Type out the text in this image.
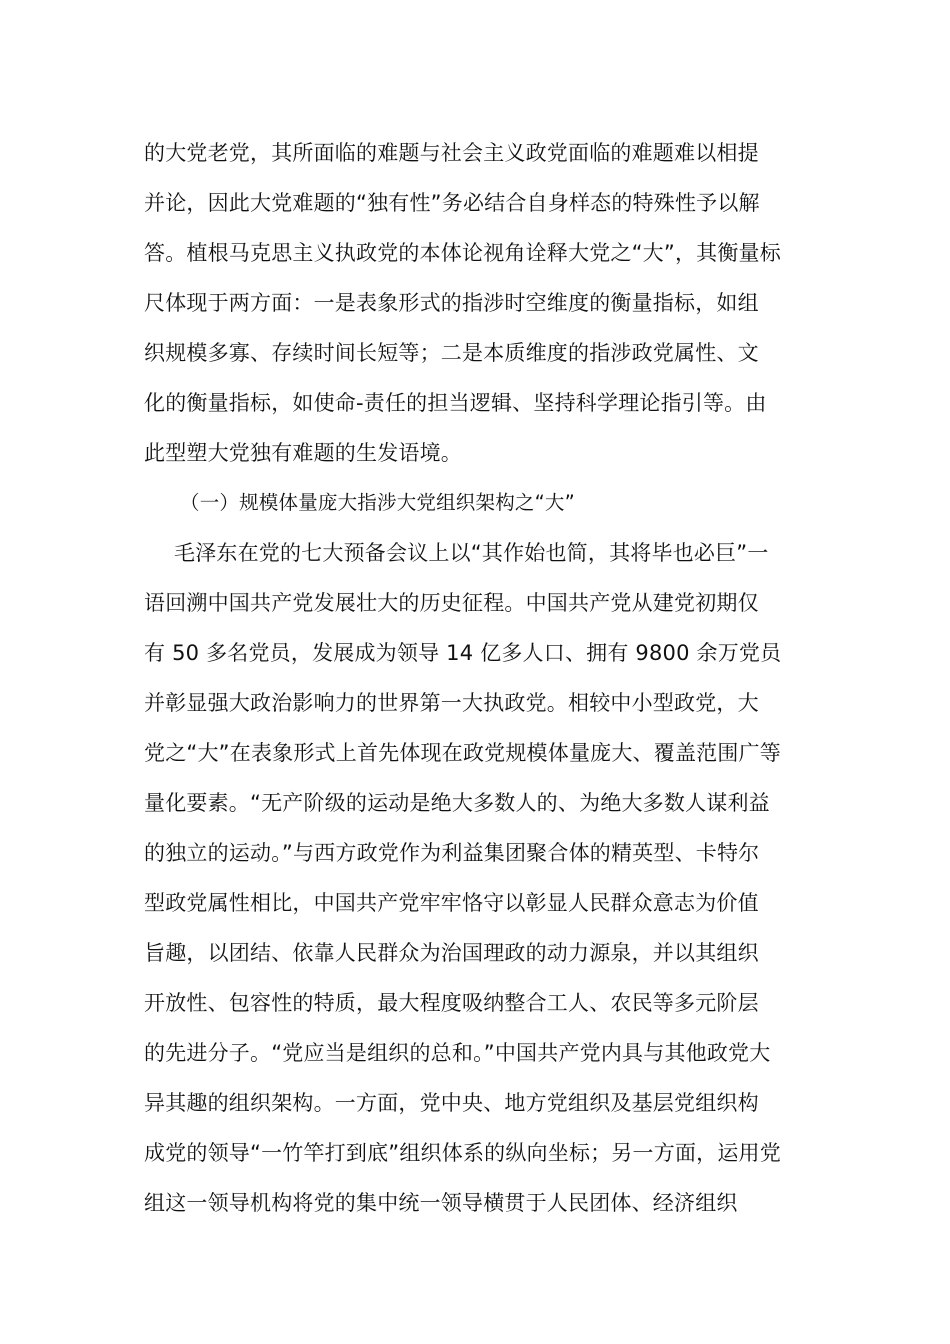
的大党老党，其所面临的难题与社会主义政党面临的难题难以相提
并论，因此大党难题的“独有性”务必结合自身样态的特殊性予以解
答。植根马克思主义执政党的本体论视角诠释大党之“大”，其衡量标
尺体现于两方面：一是表象形式的指涉时空维度的衡量指标，如组
织规模多寡、存续时间长短等；二是本质维度的指涉政党属性、文
化的衡量指标，如使命-责任的担当逻辑、坚持科学理论指引等。由
此型塑大党独有难题的生发语境。
（一）规模体量庞大指涉大党组织架构之“大”
毛泽东在党的七大预备会议上以“其作始也简，其将毕也必巨”一
语回溯中国共产党发展壮大的历史征程。中国共产党从建党初期仅
有 50 多名党员，发展成为领导 14 亿多人口、拥有 9800 余万党员
并彰显强大政治影响力的世界第一大执政党。相较中小型政党，大
党之“大”在表象形式上首先体现在政党规模体量庞大、覆盖范围广等
量化要素。“无产阶级的运动是绝大多数人的、为绝大多数人谋利益
的独立的运动。”与西方政党作为利益集团聚合体的精英型、卡特尔
型政党属性相比，中国共产党牢牢恪守以彰显人民群众意志为价值
旨趣，以团结、依靠人民群众为治国理政的动力源泉，并以其组织
开放性、包容性的特质，最大程度吸纳整合工人、农民等多元阶层
的先进分子。“党应当是组织的总和。”中国共产党内具与其他政党大
异其趣的组织架构。一方面，党中央、地方党组织及基层党组织构
成党的领导“一竹竿打到底”组织体系的纵向坐标；另一方面，运用党
组这一领导机构将党的集中统一领导横贯于人民团体、经济组织
